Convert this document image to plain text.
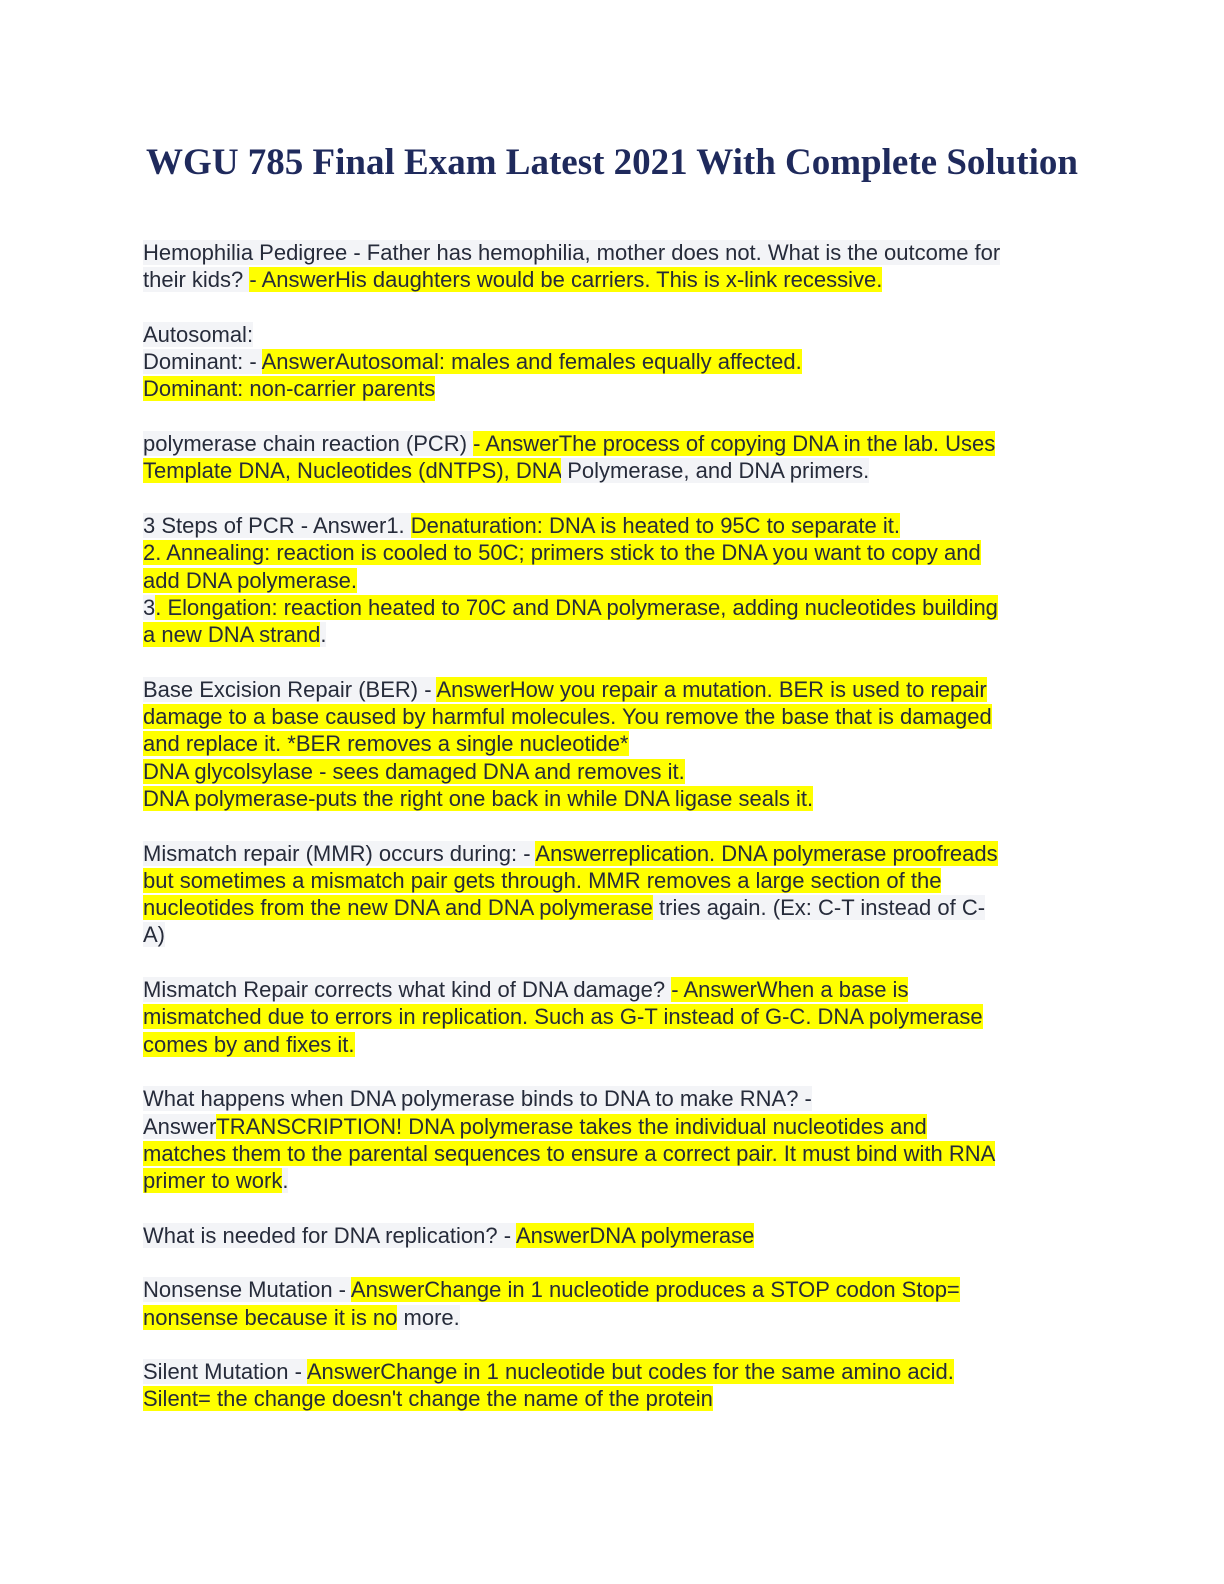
WGU 785 Final Exam Latest 2021 With Complete Solution

Hemophilia Pedigree - Father has hemophilia, mother does not. What is the outcome for
their kids? - AnswerHis daughters would be carriers. This is x-link recessive.

Autosomal:
Dominant: - AnswerAutosomal: males and females equally affected.
Dominant: non-carrier parents

polymerase chain reaction (PCR) - AnswerThe process of copying DNA in the lab. Uses
Template DNA, Nucleotides (dNTPS), DNA Polymerase, and DNA primers.

3 Steps of PCR - Answer1. Denaturation: DNA is heated to 95C to separate it.
2. Annealing: reaction is cooled to 50C; primers stick to the DNA you want to copy and
add DNA polymerase.
3. Elongation: reaction heated to 70C and DNA polymerase, adding nucleotides building
a new DNA strand.

Base Excision Repair (BER) - AnswerHow you repair a mutation. BER is used to repair
damage to a base caused by harmful molecules. You remove the base that is damaged
and replace it. *BER removes a single nucleotide*
DNA glycolsylase - sees damaged DNA and removes it.
DNA polymerase-puts the right one back in while DNA ligase seals it.

Mismatch repair (MMR) occurs during: - Answerreplication. DNA polymerase proofreads
but sometimes a mismatch pair gets through. MMR removes a large section of the
nucleotides from the new DNA and DNA polymerase tries again. (Ex: C-T instead of C-
A)

Mismatch Repair corrects what kind of DNA damage? - AnswerWhen a base is
mismatched due to errors in replication. Such as G-T instead of G-C. DNA polymerase
comes by and fixes it.

What happens when DNA polymerase binds to DNA to make RNA? -
AnswerTRANSCRIPTION! DNA polymerase takes the individual nucleotides and
matches them to the parental sequences to ensure a correct pair. It must bind with RNA
primer to work.

What is needed for DNA replication? - AnswerDNA polymerase

Nonsense Mutation - AnswerChange in 1 nucleotide produces a STOP codon Stop=
nonsense because it is no more.

Silent Mutation - AnswerChange in 1 nucleotide but codes for the same amino acid.
Silent= the change doesn't change the name of the protein
